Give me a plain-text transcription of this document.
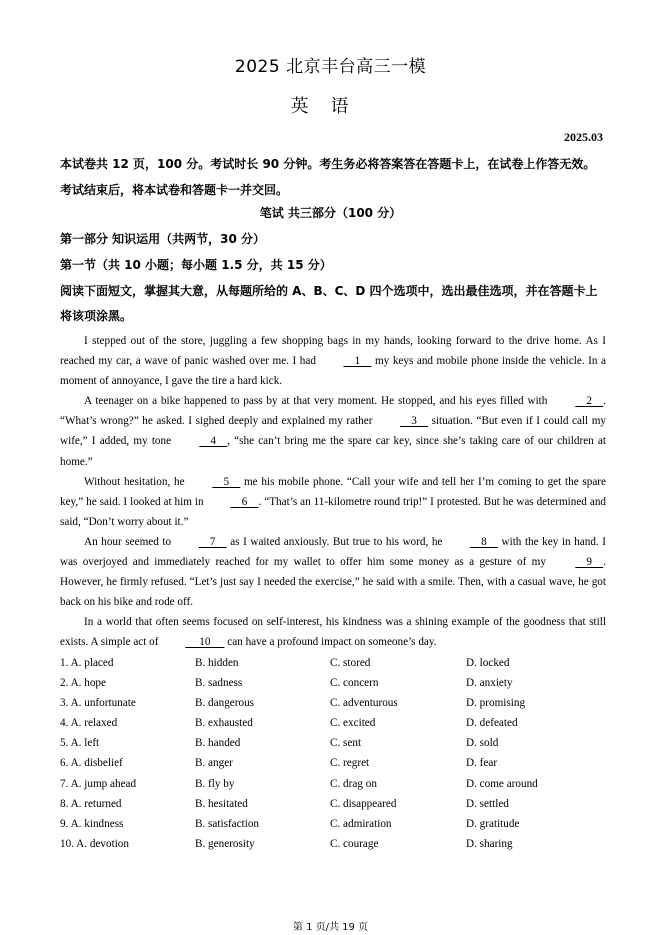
2025 北京丰台高三一模
英语
2025.03
本试卷共 12 页，100 分。考试时长 90 分钟。考生务必将答案答在答题卡上，在试卷上作答无效。考试结束后，将本试卷和答题卡一并交回。
笔试 共三部分（100 分）
第一部分 知识运用（共两节，30 分）
第一节（共 10 小题；每小题 1.5 分，共 15 分）
阅读下面短文，掌握其大意，从每题所给的 A、B、C、D 四个选项中，选出最佳选项，并在答题卡上将该项涂黑。

I stepped out of the store, juggling a few shopping bags in my hands, looking forward to the drive home. As I reached my car, a wave of panic washed over me. I had     1     my keys and mobile phone inside the vehicle. In a moment of annoyance, I gave the tire a hard kick.

A teenager on a bike happened to pass by at that very moment. He stopped, and his eyes filled with     2    . “What’s wrong?” he asked. I sighed deeply and explained my rather     3     situation. “But even if I could call my wife,” I added, my tone     4    , “she can’t bring me the spare car key, since she’s taking care of our children at home.”

Without hesitation, he     5     me his mobile phone. “Call your wife and tell her I’m coming to get the spare key,” he said. I looked at him in     6    . “That’s an 11-kilometre round trip!” I protested. But he was determined and said, “Don’t worry about it.”

An hour seemed to     7     as I waited anxiously. But true to his word, he     8     with the key in hand. I was overjoyed and immediately reached for my wallet to offer him some money as a gesture of my     9    . However, he firmly refused. “Let’s just say I needed the exercise,” he said with a smile. Then, with a casual wave, he got back on his bike and rode off.

In a world that often seems focused on self-interest, his kindness was a shining example of the goodness that still exists. A simple act of      10      can have a profound impact on someone’s day.

1. A. placed	B. hidden	C. stored	D. locked
2. A. hope	B. sadness	C. concern	D. anxiety
3. A. unfortunate	B. dangerous	C. adventurous	D. promising
4. A. relaxed	B. exhausted	C. excited	D. defeated
5. A. left	B. handed	C. sent	D. sold
6. A. disbelief	B. anger	C. regret	D. fear
7. A. jump ahead	B. fly by	C. drag on	D. come around
8. A. returned	B. hesitated	C. disappeared	D. settled
9. A. kindness	B. satisfaction	C. admiration	D. gratitude
10. A. devotion	B. generosity	C. courage	D. sharing
第 1 页/共 19 页
